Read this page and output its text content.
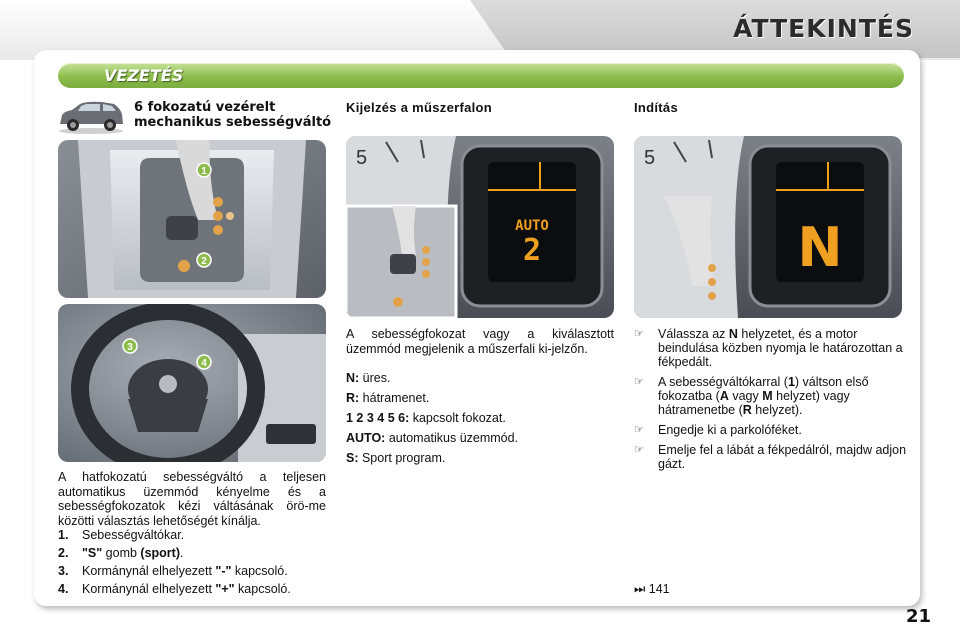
ÁTTEKINTÉS
VEZETÉS
6 fokozatú vezérelt
mechanikus sebességváltó
1
2
3
4
A hatfokozatú sebességváltó a teljesen automatikus üzemmód kényelme és a sebességfokozatok kézi váltásának örö-me közötti választás lehetőségét kínálja.
1.	Sebességváltókar.
2.	"S" gomb (sport).
3.	Kormánynál elhelyezett "-" kapcsoló.
4.	Kormánynál elhelyezett "+" kapcsoló.
Kijelzés a műszerfalon
5
AUTO
2
A sebességfokozat vagy a kiválasztott üzemmód megjelenik a műszerfali ki-jelzőn.
N: üres.
R: hátramenet.
1 2 3 4 5 6: kapcsolt fokozat.
AUTO: automatikus üzemmód.
S: Sport program.
Indítás
5
N
☞	Válassza az N helyzetet, és a motor beindulása közben nyomja le határozottan a fékpedált.
☞	A sebességváltókarral (1) váltson első fokozatba (A vagy M helyzet) vagy hátramenetbe (R helyzet).
☞	Engedje ki a parkolóféket.
☞	Emelje fel a lábát a fékpedálról, majdw adjon gázt.
⏭ 141
21
